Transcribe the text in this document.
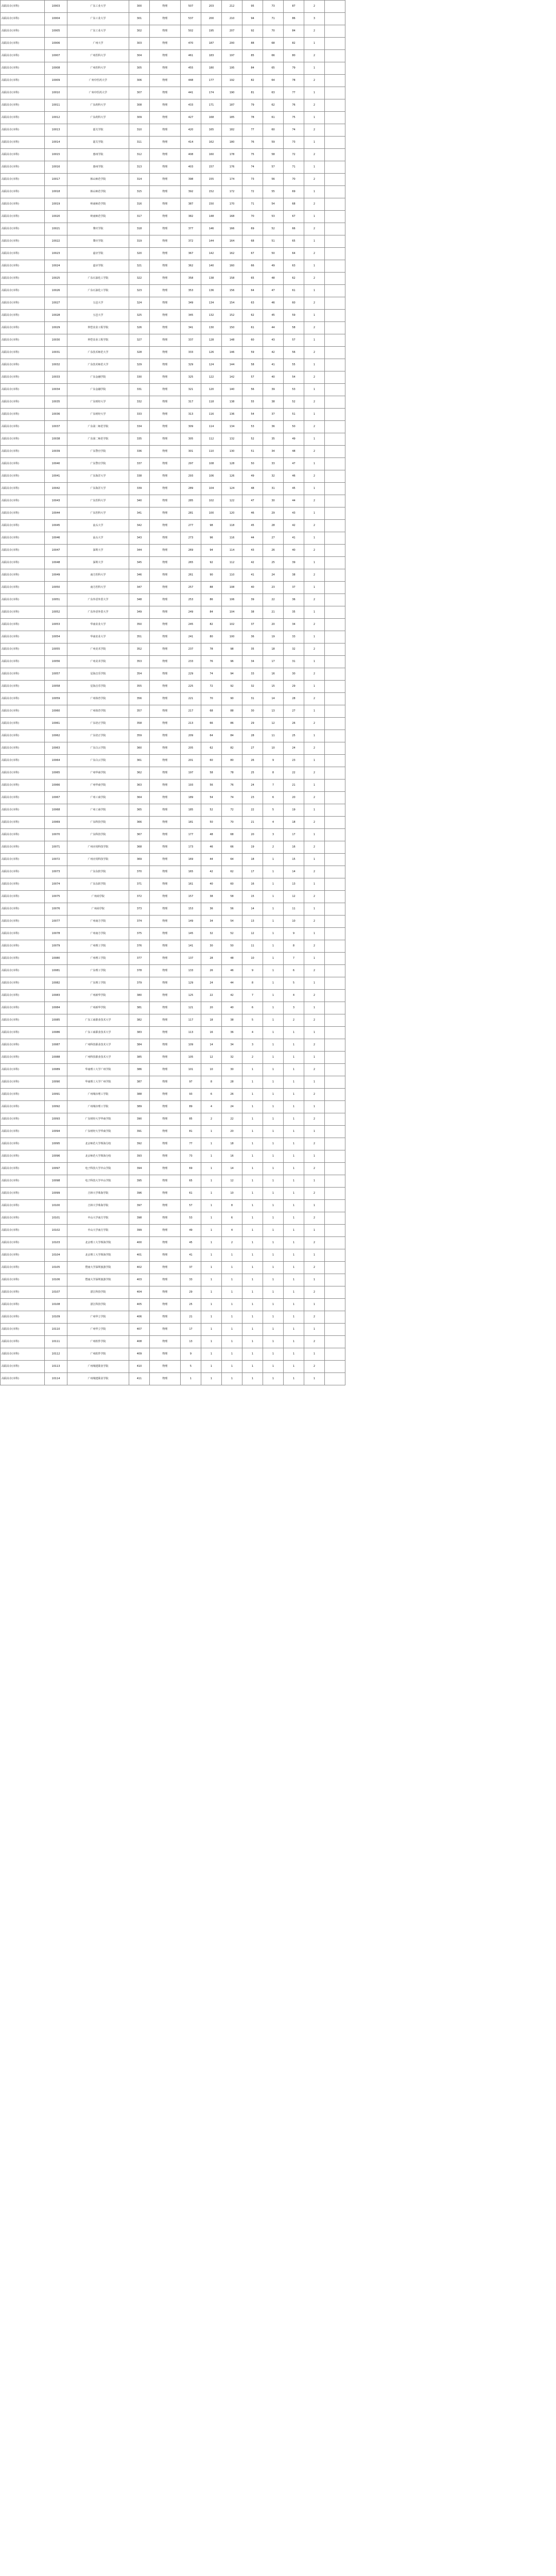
高职高专(本科)	10003	广东工业大学	300	物理	507	203	212	95	73	87	2	
高职高专(本科)	10004	广东工业大学	301	物理	537	200	210	94	71	86	3	
高职高专(本科)	10005	广东工业大学	302	物理	502	195	207	92	70	84	2	
高职高专(本科)	10006	广州大学	303	物理	470	187	200	88	68	82	1	
高职高专(本科)	10007	广州医科大学	304	物理	461	183	197	85	66	80	2	
高职高专(本科)	10008	广州医科大学	305	物理	455	180	195	84	65	79	1	
高职高专(本科)	10009	广州中医药大学	306	物理	448	177	192	82	64	78	2	
高职高专(本科)	10010	广州中医药大学	307	物理	441	174	190	81	63	77	1	
高职高专(本科)	10011	广东药科大学	308	物理	433	171	187	79	62	76	2	
高职高专(本科)	10012	广东药科大学	309	物理	427	168	185	78	61	75	1	
高职高专(本科)	10013	韶关学院	310	物理	420	165	182	77	60	74	2	
高职高专(本科)	10014	韶关学院	311	物理	414	162	180	76	59	73	1	
高职高专(本科)	10015	惠州学院	312	物理	408	160	178	75	58	72	2	
高职高专(本科)	10016	惠州学院	313	物理	403	157	176	74	57	71	1	
高职高专(本科)	10017	韩山师范学院	314	物理	398	155	174	73	56	70	2	
高职高专(本科)	10018	韩山师范学院	315	物理	392	152	172	72	55	69	1	
高职高专(本科)	10019	岭南师范学院	316	物理	387	150	170	71	54	68	2	
高职高专(本科)	10020	岭南师范学院	317	物理	382	148	168	70	53	67	1	
高职高专(本科)	10021	肇庆学院	318	物理	377	146	166	69	52	66	2	
高职高专(本科)	10022	肇庆学院	319	物理	372	144	164	68	51	65	1	
高职高专(本科)	10023	嘉应学院	320	物理	367	142	162	67	50	64	2	
高职高专(本科)	10024	嘉应学院	321	物理	362	140	160	66	49	63	1	
高职高专(本科)	10025	广东石油化工学院	322	物理	358	138	158	65	48	62	2	
高职高专(本科)	10026	广东石油化工学院	323	物理	353	136	156	64	47	61	1	
高职高专(本科)	10027	五邑大学	324	物理	349	134	154	63	46	60	2	
高职高专(本科)	10028	五邑大学	325	物理	345	132	152	62	45	59	1	
高职高专(本科)	10029	仲恺农业工程学院	326	物理	341	130	150	61	44	58	2	
高职高专(本科)	10030	仲恺农业工程学院	327	物理	337	128	148	60	43	57	1	
高职高专(本科)	10031	广东技术师范大学	328	物理	333	126	146	59	42	56	2	
高职高专(本科)	10032	广东技术师范大学	329	物理	329	124	144	58	41	55	1	
高职高专(本科)	10033	广东金融学院	330	物理	325	122	142	57	40	54	2	
高职高专(本科)	10034	广东金融学院	331	物理	321	120	140	56	39	53	1	
高职高专(本科)	10035	广东财经大学	332	物理	317	118	138	55	38	52	2	
高职高专(本科)	10036	广东财经大学	333	物理	313	116	136	54	37	51	1	
高职高专(本科)	10037	广东第二师范学院	334	物理	309	114	134	53	36	50	2	
高职高专(本科)	10038	广东第二师范学院	335	物理	305	112	132	52	35	49	1	
高职高专(本科)	10039	广东警官学院	336	物理	301	110	130	51	34	48	2	
高职高专(本科)	10040	广东警官学院	337	物理	297	108	128	50	33	47	1	
高职高专(本科)	10041	广东海洋大学	338	物理	293	106	126	49	32	46	2	
高职高专(本科)	10042	广东海洋大学	339	物理	289	104	124	48	31	45	1	
高职高专(本科)	10043	广东医科大学	340	物理	285	102	122	47	30	44	2	
高职高专(本科)	10044	广东医科大学	341	物理	281	100	120	46	29	43	1	
高职高专(本科)	10045	汕头大学	342	物理	277	98	118	45	28	42	2	
高职高专(本科)	10046	汕头大学	343	物理	273	96	116	44	27	41	1	
高职高专(本科)	10047	深圳大学	344	物理	269	94	114	43	26	40	2	
高职高专(本科)	10048	深圳大学	345	物理	265	92	112	42	25	39	1	
高职高专(本科)	10049	南方医科大学	346	物理	261	90	110	41	24	38	2	
高职高专(本科)	10050	南方医科大学	347	物理	257	88	108	40	23	37	1	
高职高专(本科)	10051	广东外语外贸大学	348	物理	253	86	106	39	22	36	2	
高职高专(本科)	10052	广东外语外贸大学	349	物理	249	84	104	38	21	35	1	
高职高专(本科)	10053	华南农业大学	350	物理	245	82	102	37	20	34	2	
高职高专(本科)	10054	华南农业大学	351	物理	241	80	100	36	19	33	1	
高职高专(本科)	10055	广州美术学院	352	物理	237	78	98	35	18	32	2	
高职高专(本科)	10056	广州美术学院	353	物理	233	76	96	34	17	31	1	
高职高专(本科)	10057	星海音乐学院	354	物理	229	74	94	33	16	30	2	
高职高专(本科)	10058	星海音乐学院	355	物理	225	72	92	32	15	29	1	
高职高专(本科)	10059	广州体育学院	356	物理	221	70	90	31	14	28	2	
高职高专(本科)	10060	广州体育学院	357	物理	217	68	88	30	13	27	1	
高职高专(本科)	10061	广东培正学院	358	物理	213	66	86	29	12	26	2	
高职高专(本科)	10062	广东培正学院	359	物理	209	64	84	28	11	25	1	
高职高专(本科)	10063	广东白云学院	360	物理	205	62	82	27	10	24	2	
高职高专(本科)	10064	广东白云学院	361	物理	201	60	80	26	9	23	1	
高职高专(本科)	10065	广州华商学院	362	物理	197	58	78	25	8	22	2	
高职高专(本科)	10066	广州华商学院	363	物理	193	56	76	24	7	21	1	
高职高专(本科)	10067	广州工商学院	364	物理	189	54	74	23	6	20	2	
高职高专(本科)	10068	广州工商学院	365	物理	185	52	72	22	5	19	1	
高职高专(本科)	10069	广东科技学院	366	物理	181	50	70	21	4	18	2	
高职高专(本科)	10070	广东科技学院	367	物理	177	48	68	20	3	17	1	
高职高专(本科)	10071	广州应用科技学院	368	物理	173	46	66	19	2	16	2	
高职高专(本科)	10072	广州应用科技学院	369	物理	169	44	64	18	1	15	1	
高职高专(本科)	10073	广东东软学院	370	物理	165	42	62	17	1	14	2	
高职高专(本科)	10074	广东东软学院	371	物理	161	40	60	16	1	13	1	
高职高专(本科)	10075	广州商学院	372	物理	157	38	58	15	1	12	2	
高职高专(本科)	10076	广州商学院	373	物理	153	36	56	14	1	11	1	
高职高专(本科)	10077	广州南方学院	374	物理	149	34	54	13	1	10	2	
高职高专(本科)	10078	广州南方学院	375	物理	145	32	52	12	1	9	1	
高职高专(本科)	10079	广州理工学院	376	物理	141	30	50	11	1	8	2	
高职高专(本科)	10080	广州理工学院	377	物理	137	28	48	10	1	7	1	
高职高专(本科)	10081	广东理工学院	378	物理	133	26	46	9	1	6	2	
高职高专(本科)	10082	广东理工学院	379	物理	129	24	44	8	1	5	1	
高职高专(本科)	10083	广州新华学院	380	物理	125	22	42	7	1	4	2	
高职高专(本科)	10084	广州新华学院	381	物理	121	20	40	6	1	3	1	
高职高专(本科)	10085	广东工商职业技术大学	382	物理	117	18	38	5	1	2	2	
高职高专(本科)	10086	广东工商职业技术大学	383	物理	113	16	36	4	1	1	1	
高职高专(本科)	10087	广州科技职业技术大学	384	物理	109	14	34	3	1	1	2	
高职高专(本科)	10088	广州科技职业技术大学	385	物理	105	12	32	2	1	1	1	
高职高专(本科)	10089	华南理工大学广州学院	386	物理	101	10	30	1	1	1	2	
高职高专(本科)	10090	华南理工大学广州学院	387	物理	97	8	28	1	1	1	1	
高职高专(本科)	10091	广州城市理工学院	388	物理	93	6	26	1	1	1	2	
高职高专(本科)	10092	广州城市理工学院	389	物理	89	4	24	1	1	1	1	
高职高专(本科)	10093	广东财经大学华商学院	390	物理	85	2	22	1	1	1	2	
高职高专(本科)	10094	广东财经大学华商学院	391	物理	81	1	20	1	1	1	1	
高职高专(本科)	10095	北京师范大学珠海分校	392	物理	77	1	18	1	1	1	2	
高职高专(本科)	10096	北京师范大学珠海分校	393	物理	73	1	16	1	1	1	1	
高职高专(本科)	10097	电子科技大学中山学院	394	物理	69	1	14	1	1	1	2	
高职高专(本科)	10098	电子科技大学中山学院	395	物理	65	1	12	1	1	1	1	
高职高专(本科)	10099	吉林大学珠海学院	396	物理	61	1	10	1	1	1	2	
高职高专(本科)	10100	吉林大学珠海学院	397	物理	57	1	8	1	1	1	1	
高职高专(本科)	10101	中山大学南方学院	398	物理	53	1	6	1	1	1	2	
高职高专(本科)	10102	中山大学南方学院	399	物理	49	1	4	1	1	1	1	
高职高专(本科)	10103	北京理工大学珠海学院	400	物理	45	1	2	1	1	1	2	
高职高专(本科)	10104	北京理工大学珠海学院	401	物理	41	1	1	1	1	1	1	
高职高专(本科)	10105	暨南大学深圳旅游学院	402	物理	37	1	1	1	1	1	2	
高职高专(本科)	10106	暨南大学深圳旅游学院	403	物理	33	1	1	1	1	1	1	
高职高专(本科)	10107	湛江科技学院	404	物理	29	1	1	1	1	1	2	
高职高专(本科)	10108	湛江科技学院	405	物理	25	1	1	1	1	1	1	
高职高专(本科)	10109	广州华立学院	406	物理	21	1	1	1	1	1	2	
高职高专(本科)	10110	广州华立学院	407	物理	17	1	1	1	1	1	1	
高职高专(本科)	10111	广州软件学院	408	物理	13	1	1	1	1	1	2	
高职高专(本科)	10112	广州软件学院	409	物理	9	1	1	1	1	1	1	
高职高专(本科)	10113	广州城建职业学院	410	物理	5	1	1	1	1	1	2	
高职高专(本科)	10114	广州城建职业学院	411	物理	1	1	1	1	1	1	1	
